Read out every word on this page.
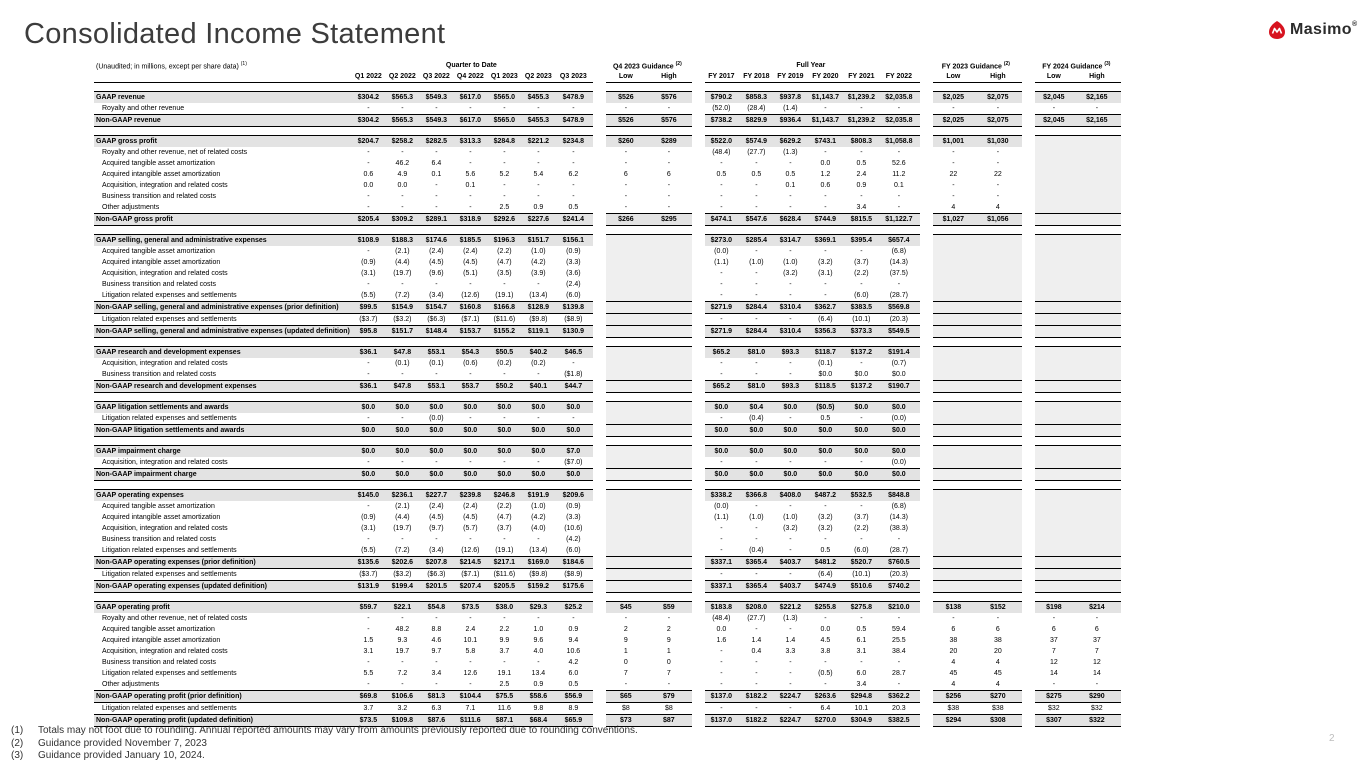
Consolidated Income Statement	Masimo®
(Unaudited; in millions, except per share data) $^{(1)}$	Quarter to Date								Q4 2023 Guidance $^{(2)}$			Full Year							FY 2023 Guidance $^{(2)}$			FY 2024 Guidance $^{(3)}$
	Q1 2022	Q2 2022	Q3 2022	Q4 2022	Q1 2023	Q2 2023	Q3 2023		Low	High		FY 2017	FY 2018	FY 2019	FY 2020	FY 2021	FY 2022		Low	High		Low	High

GAAP revenue	$304.2	$565.3	$549.3	$617.0	$565.0	$455.3	$478.9		$526	$576		$790.2	$858.3	$937.8	$1,143.7	$1,239.2	$2,035.8		$2,025	$2,075		$2,045	$2,165
Royalty and other revenue	-	-	-	-	-	-	-		-	-		(52.0)	(28.4)	(1.4)	-	-	-		-	-		-	-
Non-GAAP revenue	$304.2	$565.3	$549.3	$617.0	$565.0	$455.3	$478.9		$526	$576		$738.2	$829.9	$936.4	$1,143.7	$1,239.2	$2,035.8		$2,025	$2,075		$2,045	$2,165

GAAP gross profit	$204.7	$258.2	$282.5	$313.3	$284.8	$221.2	$234.8		$260	$289		$522.0	$574.9	$629.2	$743.1	$808.3	$1,058.8		$1,001	$1,030			
Royalty and other revenue, net of related costs	-	-	-	-	-	-	-		-	-		(48.4)	(27.7)	(1.3)	-	-	-		-	-			
Acquired tangible asset amortization	-	46.2	6.4	-	-	-	-		-	-		-	-	-	0.0	0.5	52.6		-	-			
Acquired intangible asset amortization	0.6	4.9	0.1	5.6	5.2	5.4	6.2		6	6		0.5	0.5	0.5	1.2	2.4	11.2		22	22			
Acquisition, integration and related costs	0.0	0.0	-	0.1	-	-	-		-	-		-	-	0.1	0.6	0.9	0.1		-	-			
Business transition and related costs	-	-	-	-	-	-	-		-	-		-	-	-	-	-	-		-	-			
Other adjustments	-	-	-	-	2.5	0.9	0.5		-	-		-	-	-	-	3.4	-		4	4			
Non-GAAP gross profit	$205.4	$309.2	$289.1	$318.9	$292.6	$227.6	$241.4		$266	$295		$474.1	$547.6	$628.4	$744.9	$815.5	$1,122.7		$1,027	$1,056			

GAAP selling, general and administrative expenses	$108.9	$188.3	$174.6	$185.5	$196.3	$151.7	$156.1					$273.0	$285.4	$314.7	$369.1	$395.4	$657.4						
Acquired tangible asset amortization	-	(2.1)	(2.4)	(2.4)	(2.2)	(1.0)	(0.9)					(0.0)	-	-	-	-	(6.8)						
Acquired intangible asset amortization	(0.9)	(4.4)	(4.5)	(4.5)	(4.7)	(4.2)	(3.3)					(1.1)	(1.0)	(1.0)	(3.2)	(3.7)	(14.3)						
Acquisition, integration and related costs	(3.1)	(19.7)	(9.6)	(5.1)	(3.5)	(3.9)	(3.6)					-	-	(3.2)	(3.1)	(2.2)	(37.5)						
Business transition and related costs	-	-	-	-	-	-	(2.4)					-	-	-	-	-	-						
Litigation related expenses and settlements	(5.5)	(7.2)	(3.4)	(12.6)	(19.1)	(13.4)	(6.0)					-	-	-	-	(6.0)	(28.7)						
Non-GAAP selling, general and administrative expenses (prior definition)	$99.5	$154.9	$154.7	$160.8	$166.8	$128.9	$139.8					$271.9	$284.4	$310.4	$362.7	$383.5	$569.8						
Litigation related expenses and settlements	($3.7)	($3.2)	($6.3)	($7.1)	($11.6)	($9.8)	($8.9)					-	-	-	(6.4)	(10.1)	(20.3)						
Non-GAAP selling, general and administrative expenses (updated definition)	$95.8	$151.7	$148.4	$153.7	$155.2	$119.1	$130.9					$271.9	$284.4	$310.4	$356.3	$373.3	$549.5						

GAAP research and development expenses	$36.1	$47.8	$53.1	$54.3	$50.5	$40.2	$46.5					$65.2	$81.0	$93.3	$118.7	$137.2	$191.4						
Acquisition, integration and related costs	-	(0.1)	(0.1)	(0.6)	(0.2)	(0.2)	-					-	-	-	(0.1)	-	(0.7)						
Business transition and related costs	-	-	-	-	-	-	($1.8)					-	-	-	$0.0	$0.0	$0.0						
Non-GAAP research and development expenses	$36.1	$47.8	$53.1	$53.7	$50.2	$40.1	$44.7					$65.2	$81.0	$93.3	$118.5	$137.2	$190.7						

GAAP litigation settlements and awards	$0.0	$0.0	$0.0	$0.0	$0.0	$0.0	$0.0					$0.0	$0.4	$0.0	($0.5)	$0.0	$0.0						
Litigation related expenses and settlements	-	-	(0.0)	-	-	-	-					-	(0.4)	-	0.5	-	(0.0)						
Non-GAAP litigation settlements and awards	$0.0	$0.0	$0.0	$0.0	$0.0	$0.0	$0.0					$0.0	$0.0	$0.0	$0.0	$0.0	$0.0						

GAAP impairment charge	$0.0	$0.0	$0.0	$0.0	$0.0	$0.0	$7.0					$0.0	$0.0	$0.0	$0.0	$0.0	$0.0						
Acquisition, integration and related costs	-	-	-	-	-	-	($7.0)					-	-	-	-	-	(0.0)						
Non-GAAP impairment charge	$0.0	$0.0	$0.0	$0.0	$0.0	$0.0	$0.0					$0.0	$0.0	$0.0	$0.0	$0.0	$0.0						

GAAP operating expenses	$145.0	$236.1	$227.7	$239.8	$246.8	$191.9	$209.6					$338.2	$366.8	$408.0	$487.2	$532.5	$848.8						
Acquired tangible asset amortization	-	(2.1)	(2.4)	(2.4)	(2.2)	(1.0)	(0.9)					(0.0)	-	-	-	-	(6.8)						
Acquired intangible asset amortization	(0.9)	(4.4)	(4.5)	(4.5)	(4.7)	(4.2)	(3.3)					(1.1)	(1.0)	(1.0)	(3.2)	(3.7)	(14.3)						
Acquisition, integration and related costs	(3.1)	(19.7)	(9.7)	(5.7)	(3.7)	(4.0)	(10.6)					-	-	(3.2)	(3.2)	(2.2)	(38.3)						
Business transition and related costs	-	-	-	-	-	-	(4.2)					-	-	-	-	-	-						
Litigation related expenses and settlements	(5.5)	(7.2)	(3.4)	(12.6)	(19.1)	(13.4)	(6.0)					-	(0.4)	-	0.5	(6.0)	(28.7)						
Non-GAAP operating expenses (prior definition)	$135.6	$202.6	$207.8	$214.5	$217.1	$169.0	$184.6					$337.1	$365.4	$403.7	$481.2	$520.7	$760.5						
Litigation related expenses and settlements	($3.7)	($3.2)	($6.3)	($7.1)	($11.6)	($9.8)	($8.9)					-	-	-	(6.4)	(10.1)	(20.3)						
Non-GAAP operating expenses (updated definition)	$131.9	$199.4	$201.5	$207.4	$205.5	$159.2	$175.6					$337.1	$365.4	$403.7	$474.9	$510.6	$740.2						

GAAP operating profit	$59.7	$22.1	$54.8	$73.5	$38.0	$29.3	$25.2		$45	$59		$183.8	$208.0	$221.2	$255.8	$275.8	$210.0		$138	$152		$198	$214
Royalty and other revenue, net of related costs	-	-	-	-	-	-	-		-	-		(48.4)	(27.7)	(1.3)	-	-	-		-	-		-	-
Acquired tangible asset amortization	-	48.2	8.8	2.4	2.2	1.0	0.9		2	2		0.0	-	-	0.0	0.5	59.4		6	6		6	6
Acquired intangible asset amortization	1.5	9.3	4.6	10.1	9.9	9.6	9.4		9	9		1.6	1.4	1.4	4.5	6.1	25.5		38	38		37	37
Acquisition, integration and related costs	3.1	19.7	9.7	5.8	3.7	4.0	10.6		1	1		-	0.4	3.3	3.8	3.1	38.4		20	20		7	7
Business transition and related costs	-	-	-	-	-	-	4.2		0	0		-	-	-	-	-	-		4	4		12	12
Litigation related expenses and settlements	5.5	7.2	3.4	12.6	19.1	13.4	6.0		7	7		-	-	-	(0.5)	6.0	28.7		45	45		14	14
Other adjustments	-	-	-	-	2.5	0.9	0.5		-	-		-	-	-	-	3.4	-		4	4		-	-
Non-GAAP operating profit (prior definition)	$69.8	$106.6	$81.3	$104.4	$75.5	$58.6	$56.9		$65	$79		$137.0	$182.2	$224.7	$263.6	$294.8	$362.2		$256	$270		$275	$290
Litigation related expenses and settlements	3.7	3.2	6.3	7.1	11.6	9.8	8.9		$8	$8		-	-	-	6.4	10.1	20.3		$38	$38		$32	$32
Non-GAAP operating profit (updated definition)	$73.5	$109.8	$87.6	$111.6	$87.1	$68.4	$65.9		$73	$87		$137.0	$182.2	$224.7	$270.0	$304.9	$382.5		$294	$308		$307	$322
(1) Totals may not foot due to rounding. Annual reported amounts may vary from amounts previously reported due to rounding conventions.
(2) Guidance provided November 7, 2023
(3) Guidance provided January 10, 2024.
2
